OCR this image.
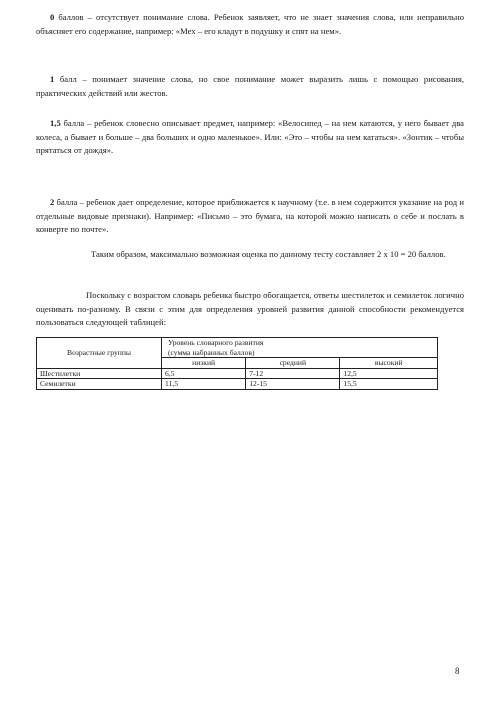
0 баллов – отсутствует понимание слова. Ребенок заявляет, что не знает значения слова, или неправильно объясняет его содержание, например: «Мех – его кладут в подушку и спят на нем».

1 балл – понимает значение слова, но свое понимание может выразить лишь с помощью рисования, практических действий или жестов.

1,5 балла – ребенок словесно описывает предмет, например: «Велосипед – на нем катаются, у него бывает два колеса, а бывает и больше – два больших и одно маленькое». Или: «Это – чтобы на нем кататься». «Зонтик – чтобы прятаться от дождя».

2 балла – ребенок дает определение, которое приближается к научному (т.е. в нем содержится указание на род и отдельные видовые признаки). Например: «Письмо – это бумага, на которой можно написать о себе и послать в конверте по почте».

Таким образом, максимально возможная оценка по данному тесту составляет 2 х 10 = 20 баллов.

Поскольку с возрастом словарь ребенка быстро обогащается, ответы шестилеток и семилеток логично оценивать по-разному. В связи с этим для определения уровней развития данной способности рекомендуется пользоваться следующей таблицей:

Возрастные группы	Уровень словарного развития
(сумма набранных баллов)		

	низкий	средний	высокий
Шестилетки	6,5	7-12	12,5
Семилетки	11,5	12-15	15,5
8
